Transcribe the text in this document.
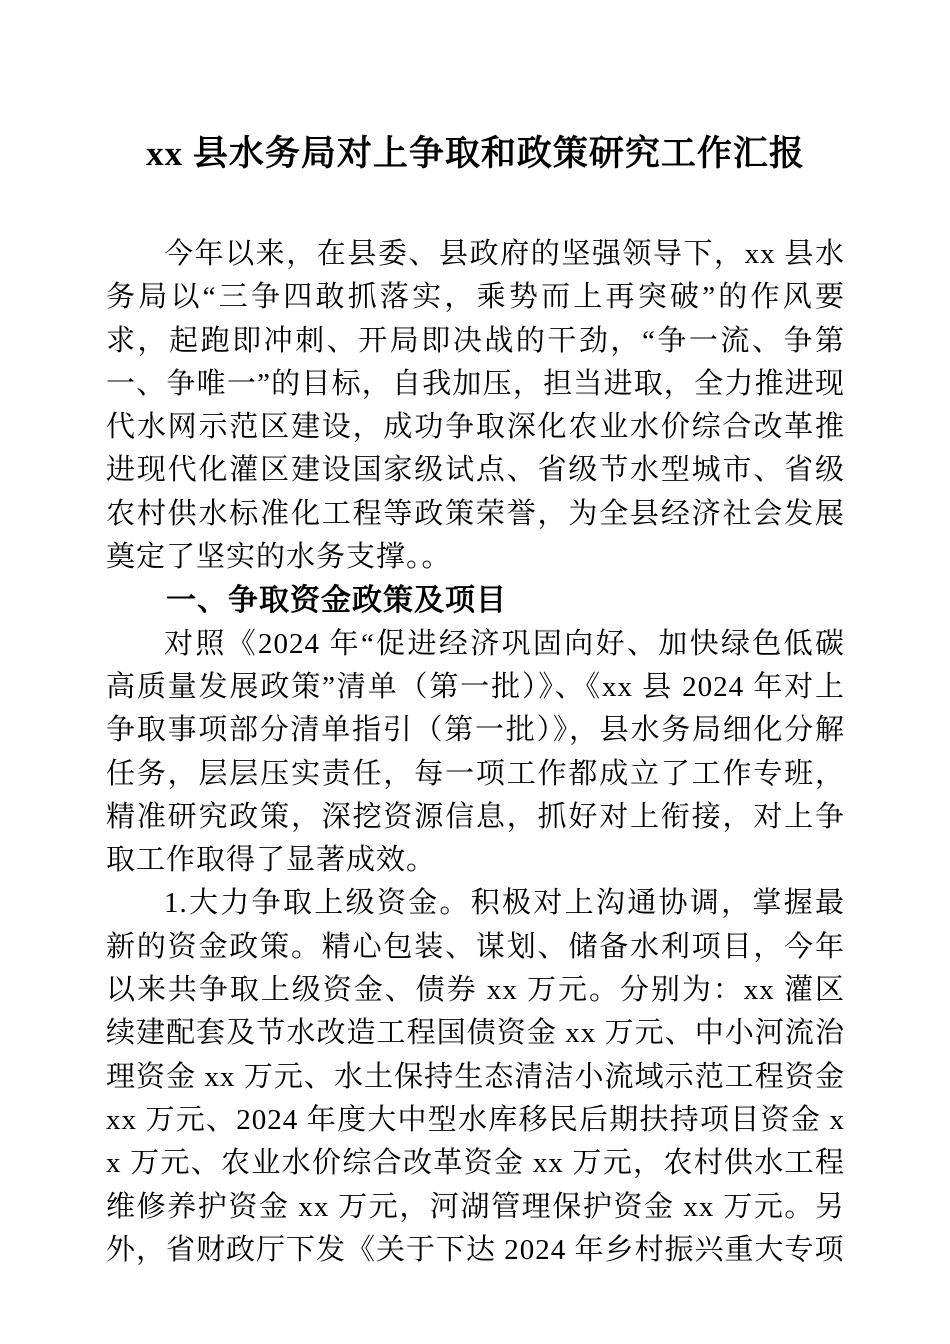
xx 县水务局对上争取和政策研究工作汇报

今年以来，在县委、县政府的坚强领导下，xx 县水务局以“三争四敢抓落实，乘势而上再突破”的作风要求，起跑即冲刺、开局即决战的干劲，“争一流、争第一、争唯一”的目标，自我加压，担当进取，全力推进现代水网示范区建设，成功争取深化农业水价综合改革推进现代化灌区建设国家级试点、省级节水型城市、省级农村供水标准化工程等政策荣誉，为全县经济社会发展奠定了坚实的水务支撑。。

一、争取资金政策及项目

对照《2024 年“促进经济巩固向好、加快绿色低碳高质量发展政策”清单（第一批）》、《xx 县 2024 年对上争取事项部分清单指引（第一批）》，县水务局细化分解任务，层层压实责任，每一项工作都成立了工作专班，精准研究政策，深挖资源信息，抓好对上衔接，对上争取工作取得了显著成效。

1.大力争取上级资金。积极对上沟通协调，掌握最新的资金政策。精心包装、谋划、储备水利项目，今年以来共争取上级资金、债券 xx 万元。分别为：xx 灌区续建配套及节水改造工程国债资金 xx 万元、中小河流治理资金 xx 万元、水土保持生态清洁小流域示范工程资金 xx 万元、2024 年度大中型水库移民后期扶持项目资金 xx 万元、农业水价综合改革资金 xx 万元，农村供水工程维修养护资金 xx 万元，河湖管理保护资金 xx 万元。另外，省财政厅下发《关于下达 2024 年乡村振兴重大专项
